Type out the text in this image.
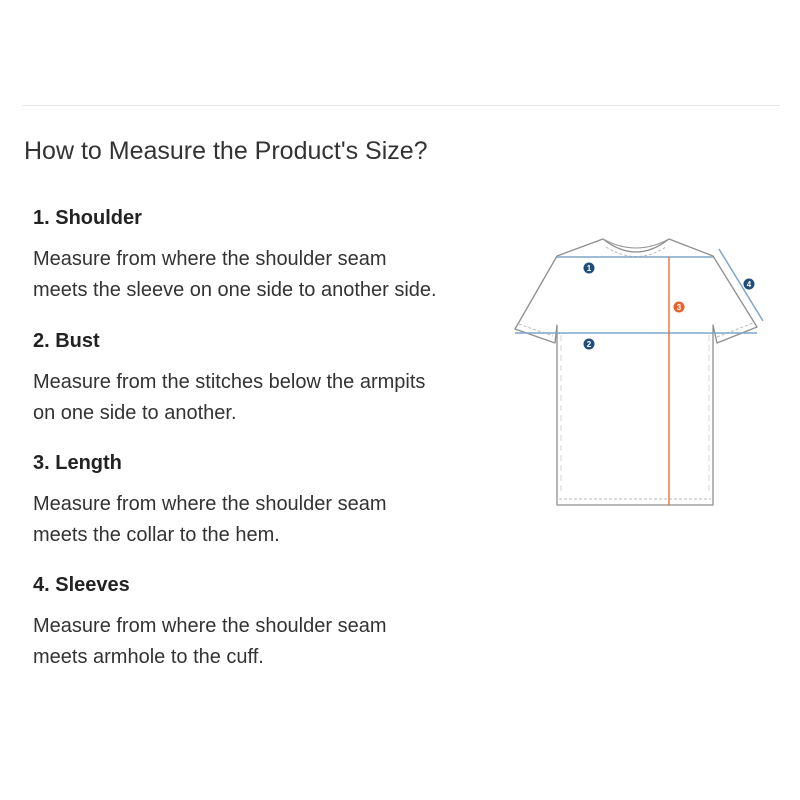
How to Measure the Product's Size?
1. Shoulder
Measure from where the shoulder seam
meets the sleeve on one side to another side.
2. Bust
Measure from the stitches below the armpits
on one side to another.
3. Length
Measure from where the shoulder seam
meets the collar to the hem.
4. Sleeves
Measure from where the shoulder seam
meets armhole to the cuff.
1
2
3
4
